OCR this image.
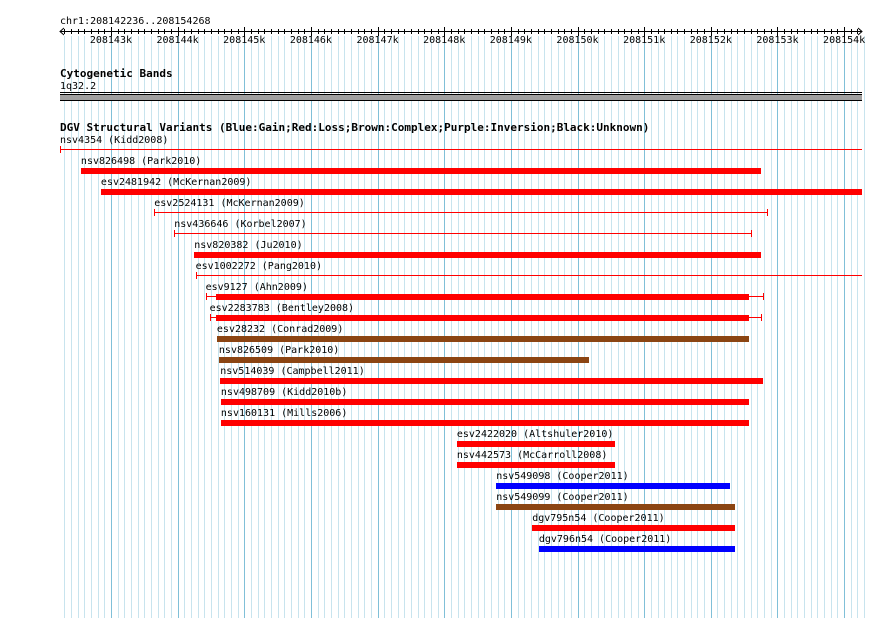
chr1:208142236..208154268
208143k 208144k 208145k 208146k 208147k 208148k 208149k 208150k 208151k 208152k 208153k 208154k
Cytogenetic Bands
1q32.2
DGV Structural Variants (Blue:Gain;Red:Loss;Brown:Complex;Purple:Inversion;Black:Unknown)
nsv4354 (Kidd2008)
nsv826498 (Park2010)
esv2481942 (McKernan2009)
esv2524131 (McKernan2009)
nsv436646 (Korbel2007)
nsv820382 (Ju2010)
esv1002272 (Pang2010)
esv9127 (Ahn2009)
esv2283783 (Bentley2008)
esv28232 (Conrad2009)
nsv826509 (Park2010)
nsv514039 (Campbell2011)
nsv498709 (Kidd2010b)
nsv160131 (Mills2006)
esv2422020 (Altshuler2010)
nsv442573 (McCarroll2008)
nsv549098 (Cooper2011)
nsv549099 (Cooper2011)
dgv795n54 (Cooper2011)
dgv796n54 (Cooper2011)
